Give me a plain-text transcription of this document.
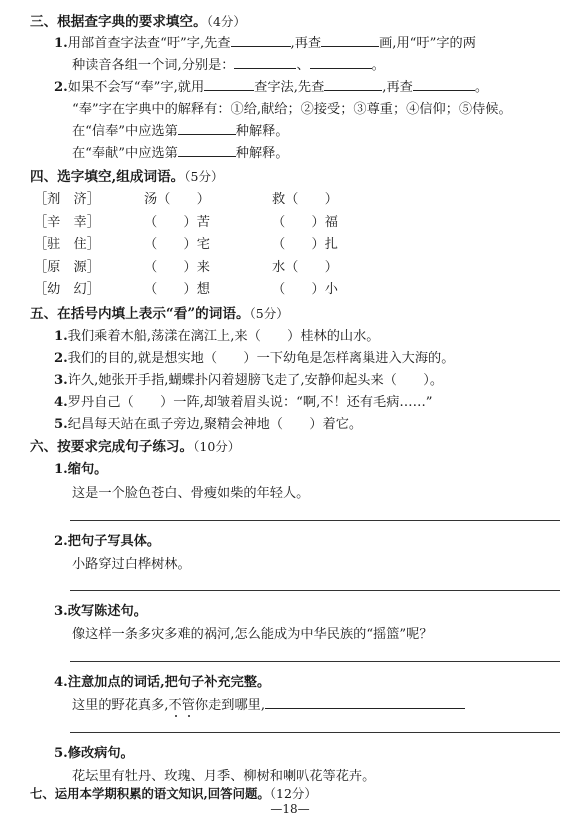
三、根据查字典的要求填空。（4分）
1.用部首查字法查“吁”字,先查	,再查	画,用“吁”字的两
种读音各组一个词,分别是：	、	。
2.如果不会写“奉”字,就用	查字法,先查	,再查	。
“奉”字在字典中的解释有：①给,献给；②接受；③尊重；④信仰；⑤侍候。
在“信奉”中应选第	种解释。
在“奉献”中应选第	种解释。
四、选字填空,组成词语。（5分）
［剂　济］	汤（　　）	救（　　）
［辛　幸］	（　　）苦	（　　）福
［驻　住］	（　　）宅	（　　）扎
［原　源］	（　　）来	水（　　）
［幼　幻］	（　　）想	（　　）小
五、在括号内填上表示“看”的词语。（5分）
1.我们乘着木船,荡漾在漓江上,来（　　）桂林的山水。
2.我们的目的,就是想实地（　　）一下幼龟是怎样离巢进入大海的。
3.许久,她张开手指,蝴蝶扑闪着翅膀飞走了,安静仰起头来（　　）。
4.罗丹自己（　　）一阵,却皱着眉头说：“啊,不！还有毛病……”
5.纪昌每天站在虱子旁边,聚精会神地（　　）着它。
六、按要求完成句子练习。（10分）
1.缩句。
这是一个脸色苍白、骨瘦如柴的年轻人。
2.把句子写具体。
小路穿过白桦树林。
3.改写陈述句。
像这样一条多灾多难的祸河,怎么能成为中华民族的“摇篮”呢？
4.注意加点的词话,把句子补充完整。
这里的野花真多,不管你走到哪里,
5.修改病句。
花坛里有牡丹、玫瑰、月季、柳树和喇叭花等花卉。
七、运用本学期积累的语文知识,回答问题。（12分）
—18—
